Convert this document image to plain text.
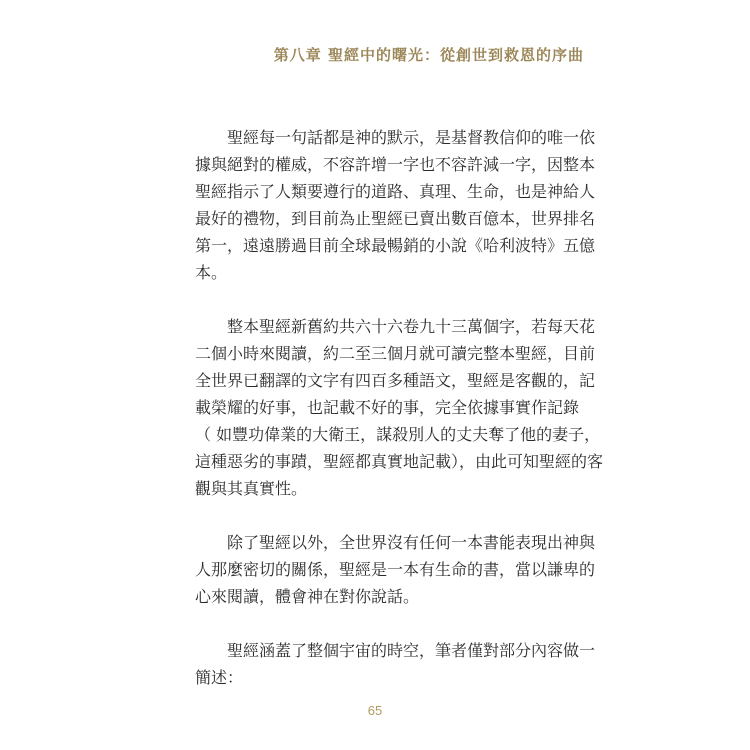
第八章 聖經中的曙光：從創世到救恩的序曲

聖經每一句話都是神的默示，是基督教信仰的唯一依
據與絕對的權威，不容許增一字也不容許減一字，因整本
聖經指示了人類要遵行的道路、真理、生命，也是神給人
最好的禮物，到目前為止聖經已賣出數百億本，世界排名
第一，遠遠勝過目前全球最暢銷的小說《哈利波特》五億
本。

整本聖經新舊約共六十六卷九十三萬個字，若每天花
二個小時來閱讀，約二至三個月就可讀完整本聖經，目前
全世界已翻譯的文字有四百多種語文，聖經是客觀的，記
載榮耀的好事，也記載不好的事，完全依據事實作記錄
（ 如豐功偉業的大衛王，謀殺別人的丈夫奪了他的妻子，
這種惡劣的事蹟，聖經都真實地記載），由此可知聖經的客
觀與其真實性。

除了聖經以外，全世界沒有任何一本書能表現出神與
人那麼密切的關係，聖經是一本有生命的書，當以謙卑的
心來閱讀，體會神在對你說話。

聖經涵蓋了整個宇宙的時空，筆者僅對部分內容做一
簡述：

65
